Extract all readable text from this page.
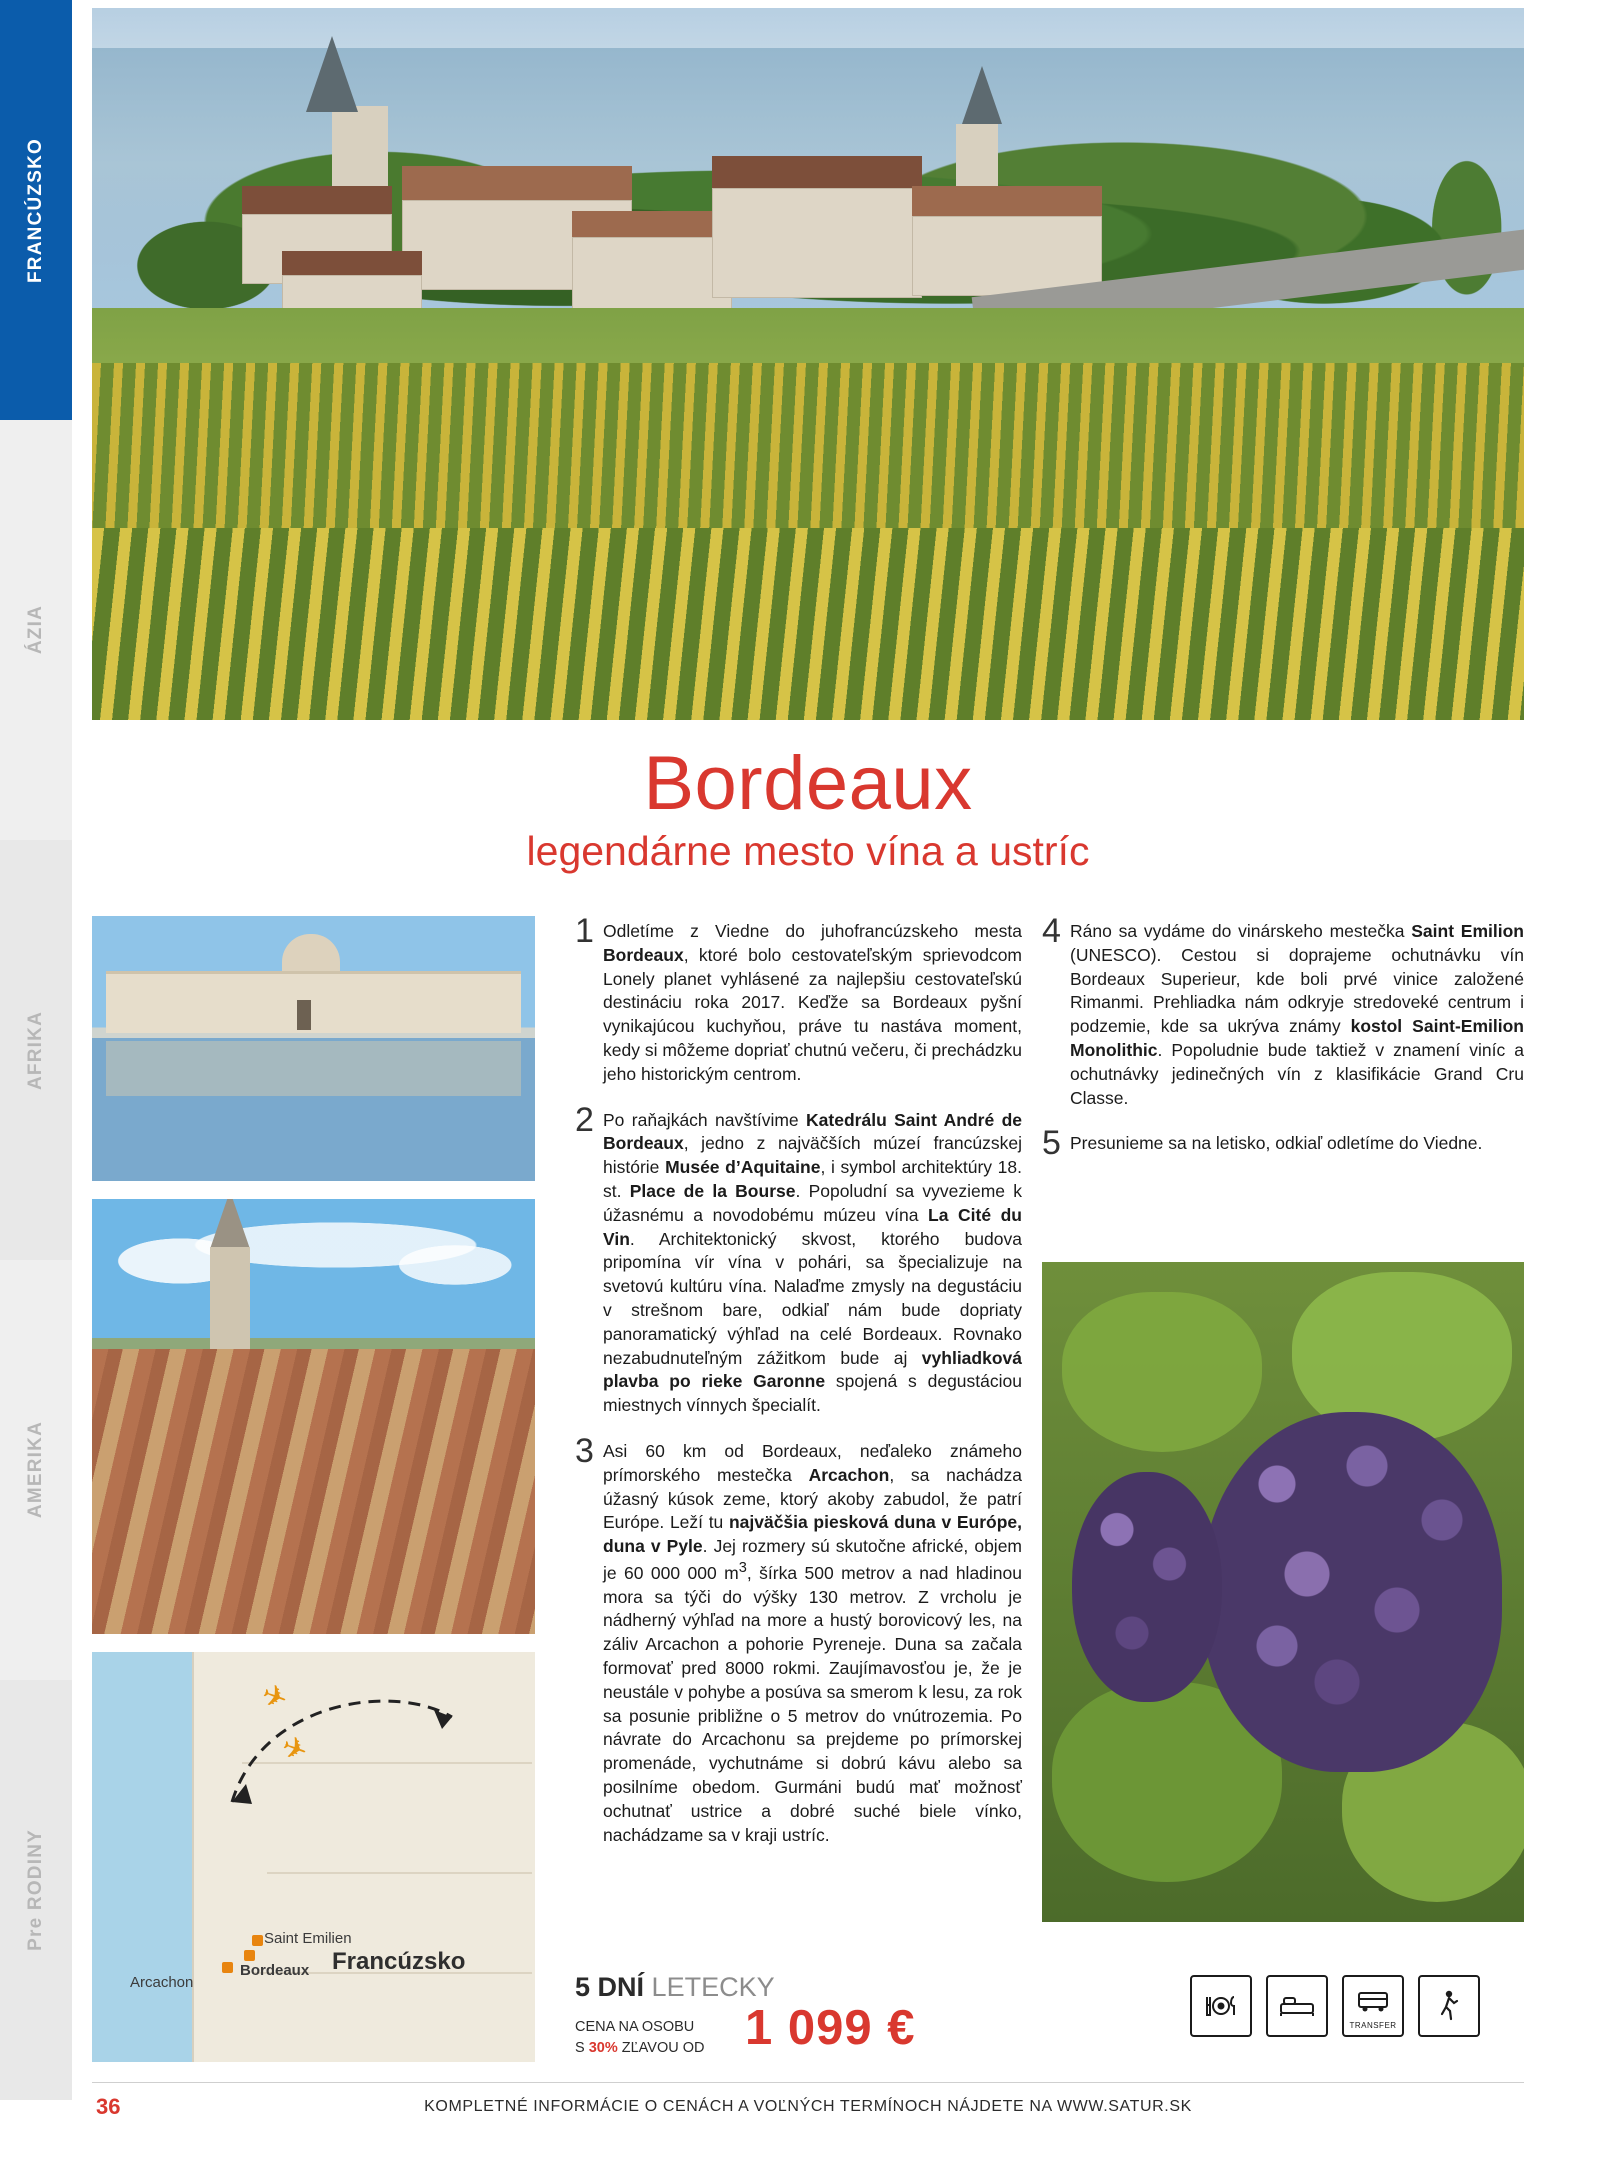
FRANCÚZSKO
ÁZIA
AFRIKA
AMERIKA
Pre RODINY
Bordeaux
legendárne mesto vína a ustríc
✈
✈
Saint Emilien
Bordeaux
Arcachon
Francúzsko
1 Odletíme z Viedne do juhofrancúzskeho mesta Bordeaux, ktoré bolo cestovateľským sprievodcom Lonely planet vyhlásené za najlepšiu cestovateľskú destináciu roka 2017. Keďže sa Bordeaux pyšní vynikajúcou kuchyňou, práve tu nastáva moment, kedy si môžeme dopriať chutnú večeru, či prechádzku jeho historickým centrom.
2 Po raňajkách navštívime Katedrálu Saint André de Bordeaux, jedno z najväčších múzeí francúzskej histórie Musée d’Aquitaine, i symbol architektúry 18. st. Place de la Bourse. Popoludní sa vyvezieme k úžasnému a novodobému múzeu vína La Cité du Vin. Architektonický skvost, ktorého budova pripomína vír vína v pohári, sa špecializuje na svetovú kultúru vína. Nalaďme zmysly na degustáciu v strešnom bare, odkiaľ nám bude dopriaty panoramatický výhľad na celé Bordeaux. Rovnako nezabudnuteľným zážitkom bude aj vyhliadková plavba po rieke Garonne spojená s degustáciou miestnych vínnych špecialít.
3 Asi 60 km od Bordeaux, neďaleko známeho prímorského mestečka Arcachon, sa nachádza úžasný kúsok zeme, ktorý akoby zabudol, že patrí Európe. Leží tu najväčšia piesková duna v Európe, duna v Pyle. Jej rozmery sú skutočne africké, objem je 60 000 000 $m^3$, šírka 500 metrov a nad hladinou mora sa týči do výšky 130 metrov. Z vrcholu je nádherný výhľad na more a hustý borovicový les, na záliv Arcachon a pohorie Pyreneje. Duna sa začala formovať pred 8000 rokmi. Zaujímavosťou je, že je neustále v pohybe a posúva sa smerom k lesu, za rok sa posunie približne o 5 metrov do vnútrozemia. Po návrate do Arcachonu sa prejdeme po prímorskej promenáde, vychutnáme si dobrú kávu alebo sa posilníme obedom. Gurmáni budú mať možnosť ochutnať ustrice a dobré suché biele vínko, nachádzame sa v kraji ustríc.
4 Ráno sa vydáme do vinárskeho mestečka Saint Emilion (UNESCO). Cestou si doprajeme ochutnávku vín Bordeaux Superieur, kde boli prvé vinice založené Rimanmi. Prehliadka nám odkryje stredoveké centrum i podzemie, kde sa ukrýva známy kostol Saint-Emilion Monolithic. Popoludnie bude taktiež v znamení viníc a ochutnávky jedinečných vín z klasifikácie Grand Cru Classe.
5 Presunieme sa na letisko, odkiaľ odletíme do Viedne.
5 DNÍ LETECKY
CENA NA OSOBU
S 30% ZĽAVOU OD 1 099 €	TRANSFER
36	KOMPLETNÉ INFORMÁCIE O CENÁCH A VOĽNÝCH TERMÍNOCH NÁJDETE NA WWW.SATUR.SK
